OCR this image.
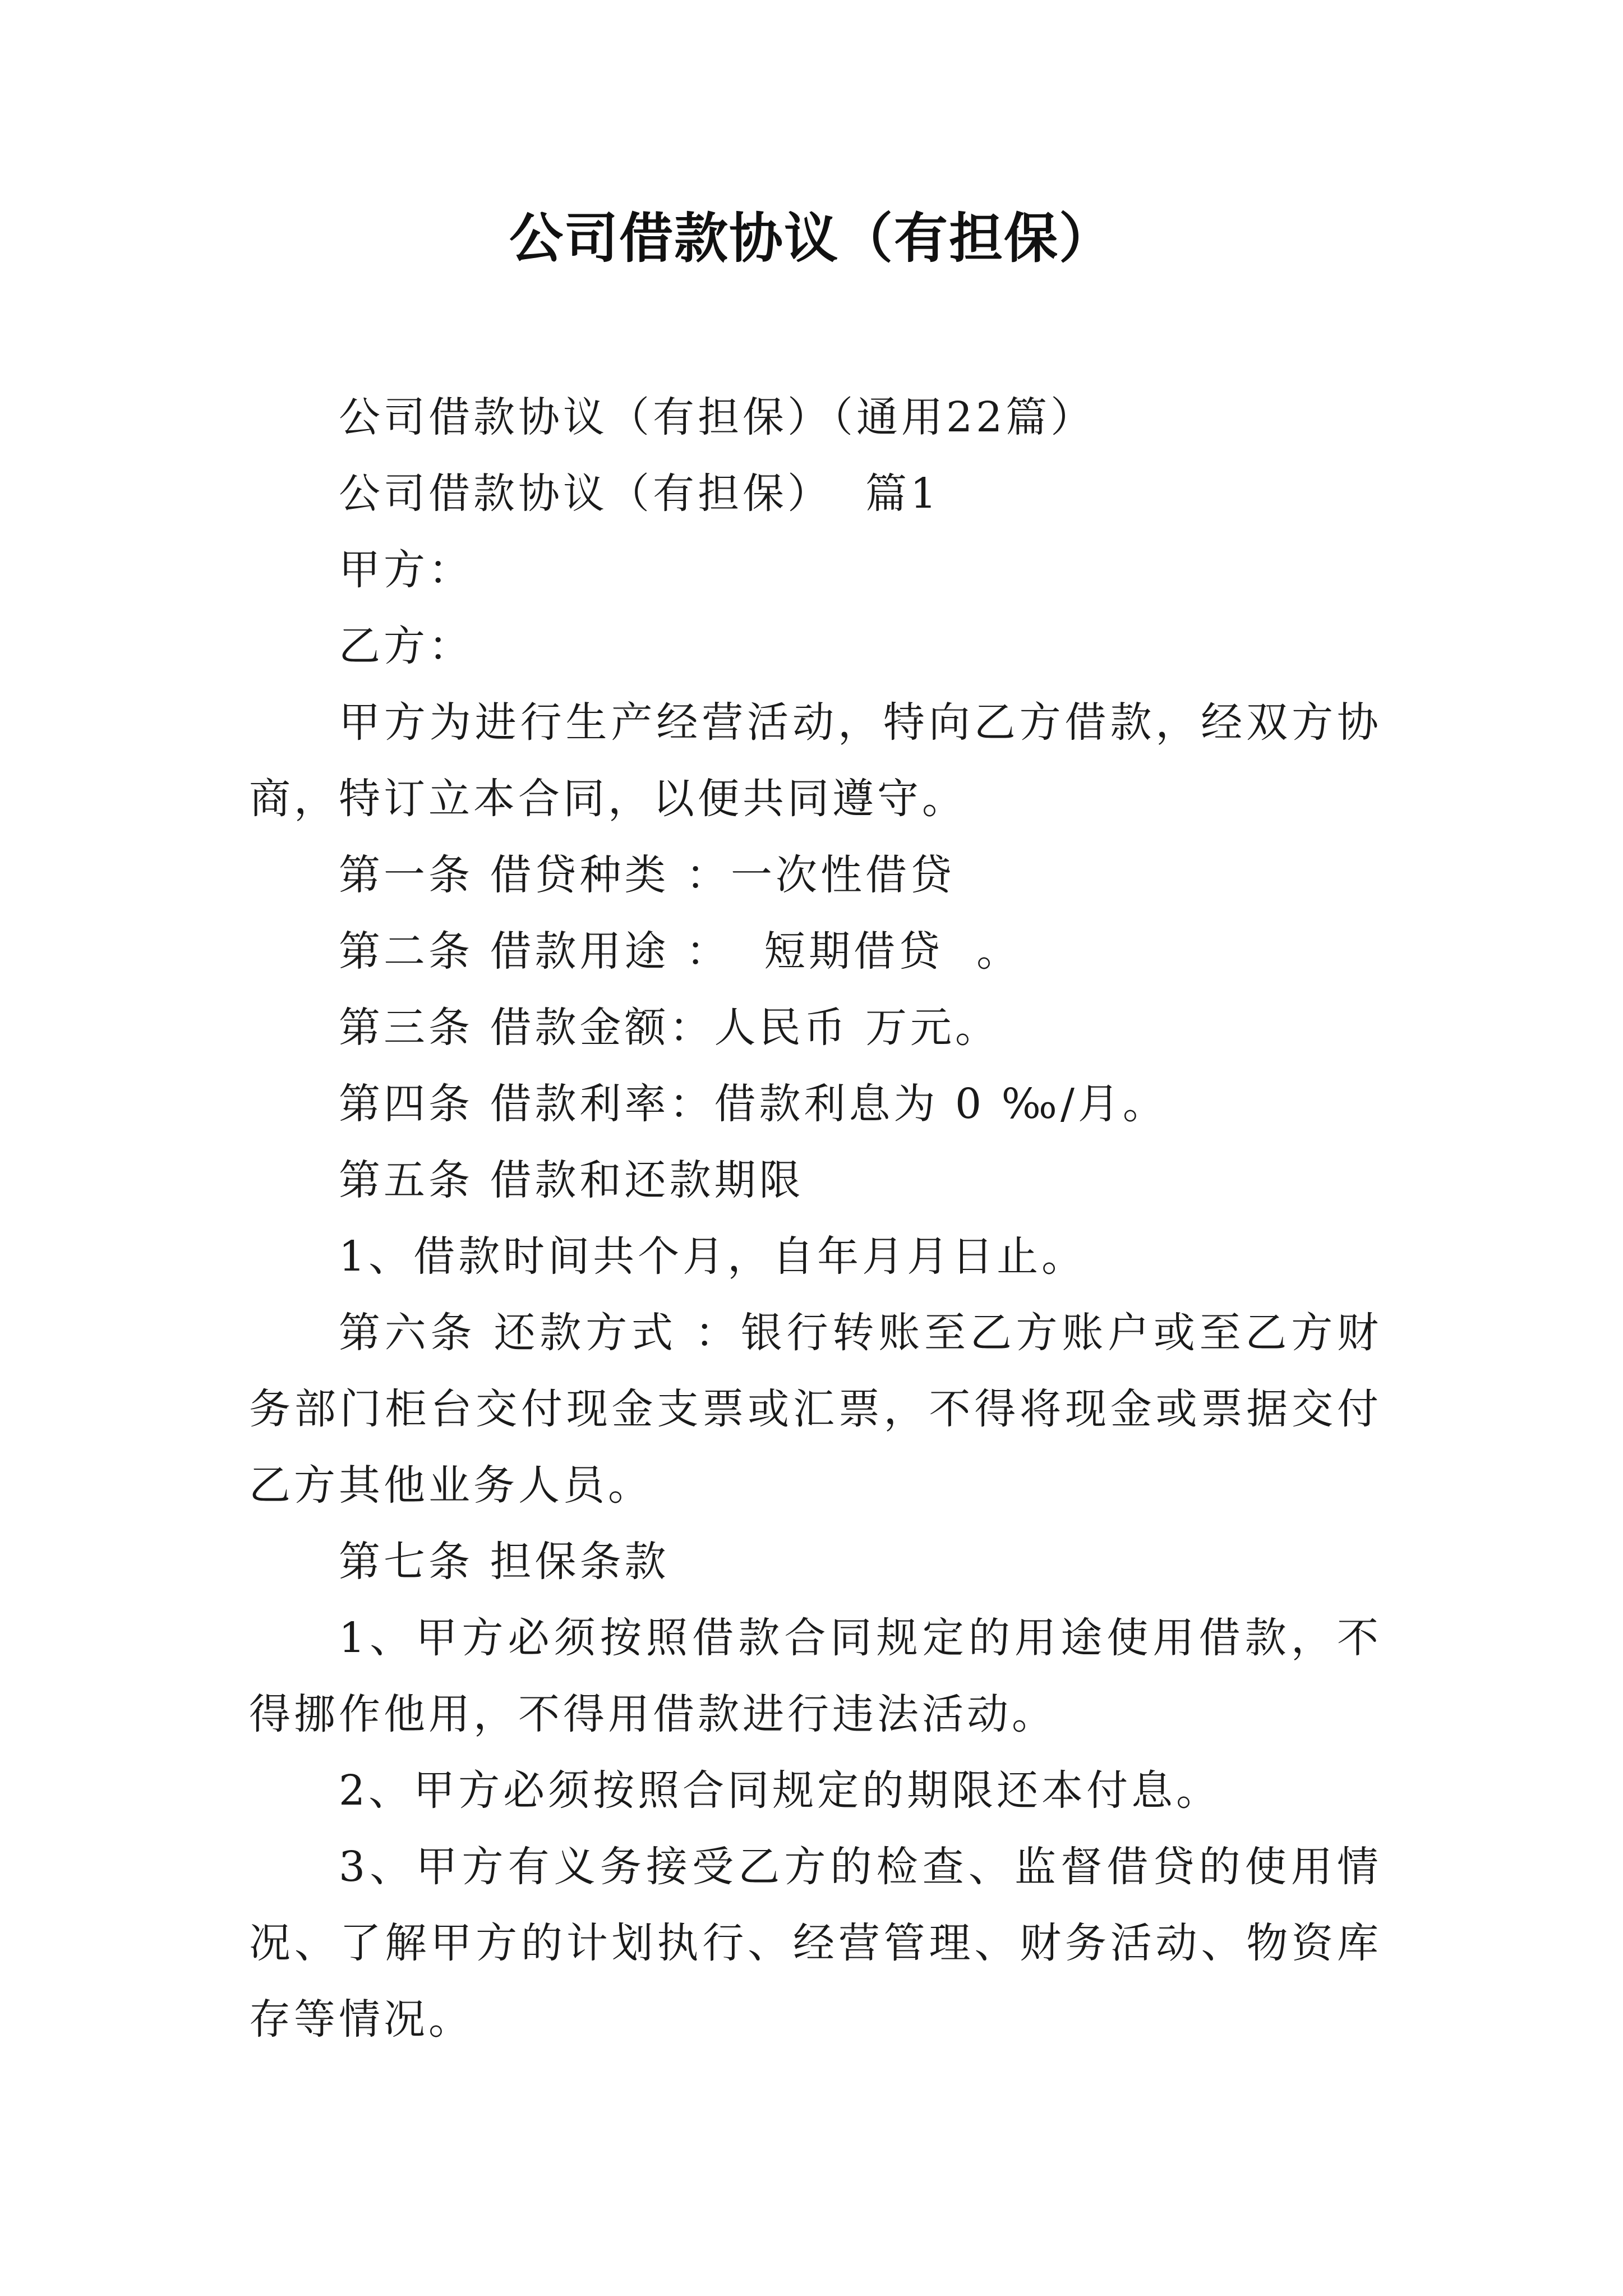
公司借款协议（有担保）

公司借款协议（有担保）（通用22篇）

公司借款协议（有担保）  篇1

甲方：

乙方：

甲方为进行生产经营活动，特向乙方借款，经双方协商，特订立本合同，以便共同遵守。

第一条 借贷种类 ：一次性借贷

第二条 借款用途 ：  短期借贷  。

第三条 借款金额：人民币 万元。

第四条 借款利率：借款利息为 0 ‰/月。

第五条 借款和还款期限

1、借款时间共个月，自年月月日止。

第六条 还款方式 ：银行转账至乙方账户或至乙方财务部门柜台交付现金支票或汇票，不得将现金或票据交付乙方其他业务人员。

第七条 担保条款

1、甲方必须按照借款合同规定的用途使用借款，不得挪作他用，不得用借款进行违法活动。

2、甲方必须按照合同规定的期限还本付息。

3、甲方有义务接受乙方的检查、监督借贷的使用情况、了解甲方的计划执行、经营管理、财务活动、物资库存等情况。
